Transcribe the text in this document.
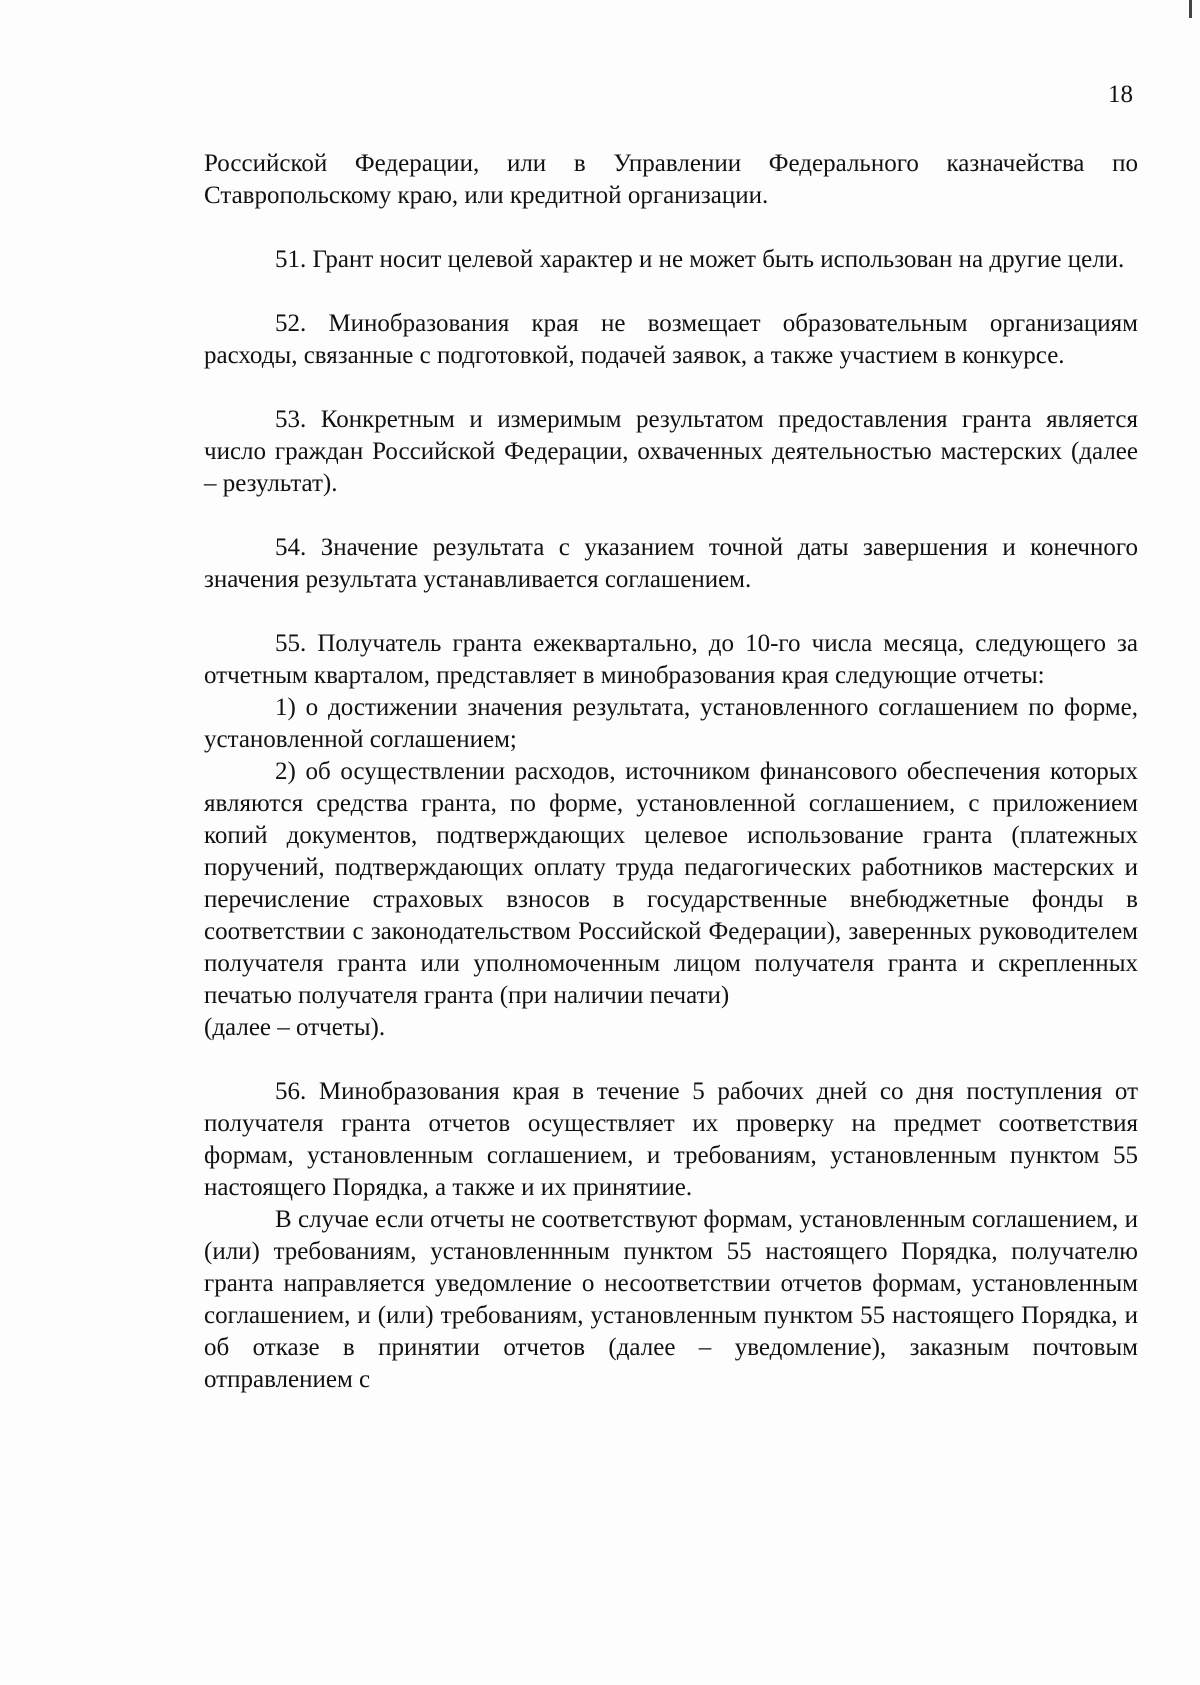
18

Российской Федерации, или в Управлении Федерального казначейства по Ставропольскому краю, или кредитной организации.

51. Грант носит целевой характер и не может быть использован на другие цели.

52. Минобразования края не возмещает образовательным организациям расходы, связанные с подготовкой, подачей заявок, а также участием в конкурсе.

53. Конкретным и измеримым результатом предоставления гранта является число граждан Российской Федерации, охваченных деятельностью мастерских (далее – результат).

54. Значение результата с указанием точной даты завершения и конечного значения результата устанавливается соглашением.

55. Получатель гранта ежеквартально, до 10-го числа месяца, следующего за отчетным кварталом, представляет в минобразования края следующие отчеты:

1) о достижении значения результата, установленного соглашением по форме, установленной соглашением;

2) об осуществлении расходов, источником финансового обеспечения которых являются средства гранта, по форме, установленной соглашением, с приложением копий документов, подтверждающих целевое использование гранта (платежных поручений, подтверждающих оплату труда педагогических работников мастерских и перечисление страховых взносов в государственные внебюджетные фонды в соответствии с законодательством Российской Федерации), заверенных руководителем получателя гранта или уполномоченным лицом получателя гранта и скрепленных печатью получателя гранта (при наличии печати)

(далее – отчеты).

56. Минобразования края в течение 5 рабочих дней со дня поступления от получателя гранта отчетов осуществляет их проверку на предмет соответствия формам, установленным соглашением, и требованиям, установленным пунктом 55 настоящего Порядка, а также и их принятиие.

В случае если отчеты не соответствуют формам, установленным соглашением, и (или) требованиям, установленнным пунктом 55 настоящего Порядка, получателю гранта направляется уведомление о несоответствии отчетов формам, установленным соглашением, и (или) требованиям, установленным пунктом 55 настоящего Порядка, и об отказе в принятии отчетов (далее – уведомление), заказным почтовым отправлением с
